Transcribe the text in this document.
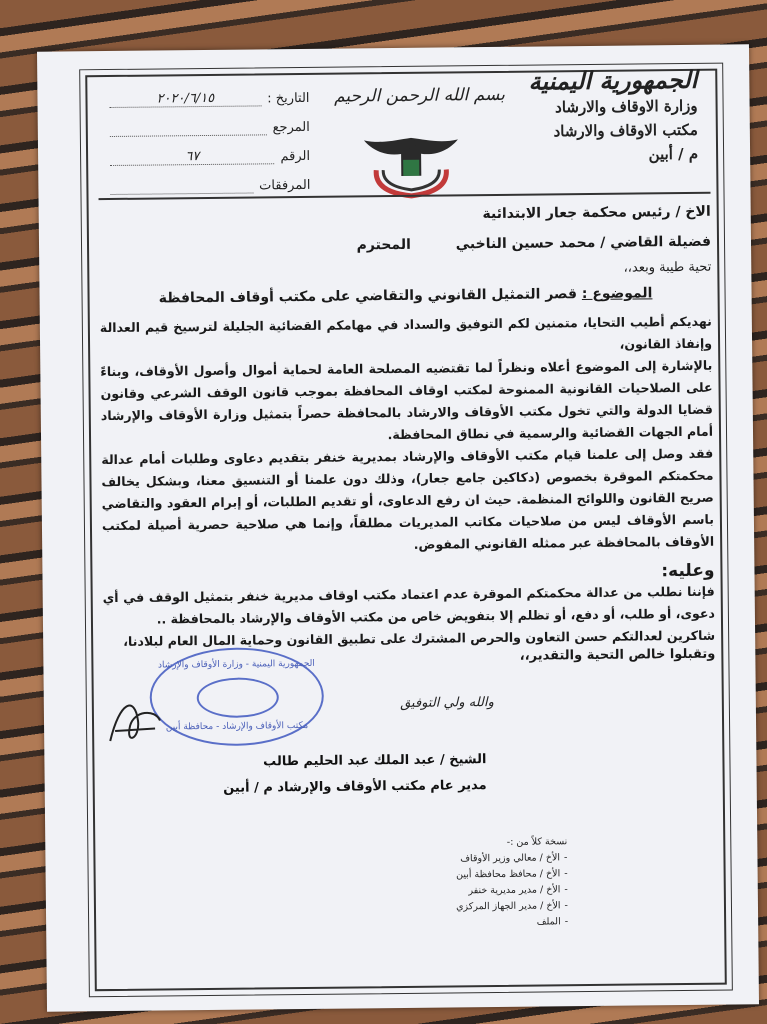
الجمهورية اليمنية
وزارة الاوقاف والارشاد
مكتب الاوقاف والارشاد
م / أبين
بسم الله الرحمن الرحيم
التاريخ :
٢٠٢٠/٦/١٥
المرجع
الرقم
٦٧
المرفقات
الاخ / رئيس محكمة جعار الابتدائية
فضيلة القاضي / محمد حسين الناخبي المحترم
تحية طيبة وبعد،،
الموضوع : قصر التمثيل القانوني والتقاضي على مكتب أوقاف المحافظة
نهديكم أطيب التحايا، متمنين لكم التوفيق والسداد في مهامكم القضائية الجليلة لترسيخ قيم العدالة وإنفاذ القانون،
بالإشارة إلى الموضوع أعلاه ونظراً لما تقتضيه المصلحة العامة لحماية أموال وأصول الأوقاف، وبناءً على الصلاحيات القانونية الممنوحة لمكتب اوقاف المحافظة بموجب قانون الوقف الشرعي وقانون قضايا الدولة والتي تخول مكتب الأوقاف والارشاد بالمحافظة حصراً بتمثيل وزارة الأوقاف والإرشاد أمام الجهات القضائية والرسمية في نطاق المحافظة.
فقد وصل إلى علمنا قيام مكتب الأوقاف والإرشاد بمديرية خنفر بتقديم دعاوى وطلبات أمام عدالة محكمتكم الموقرة بخصوص (دكاكين جامع جعار)، وذلك دون علمنا أو التنسيق معنا، وبشكل يخالف صريح القانون واللوائح المنظمة. حيث ان رفع الدعاوى، أو تقديم الطلبات، أو إبرام العقود والتقاضي باسم الأوقاف ليس من صلاحيات مكاتب المديريات مطلقاً، وإنما هي صلاحية حصرية أصيلة لمكتب الأوقاف بالمحافظة عبر ممثله القانوني المفوض.
وعليه:
فإننا نطلب من عدالة محكمتكم الموقرة عدم اعتماد مكتب اوقاف مديرية خنفر بتمثيل الوقف في أي دعوى، أو طلب، أو دفع، أو تظلم إلا بتفويض خاص من مكتب الأوقاف والإرشاد بالمحافظة ..
شاكرين لعدالتكم حسن التعاون والحرص المشترك على تطبيق القانون وحماية المال العام لبلادنا،
وتقبلوا خالص التحية والتقدير،،
الجمهورية اليمنية - وزارة الأوقاف والإرشاد
مكتب الأوقاف والإرشاد - محافظة أبين
والله ولي التوفيق
الشيخ / عبد الملك عبد الحليم طالب
مدير عام مكتب الأوقاف والإرشاد م / أبين
نسخة كلاً من :-
-
الأخ / معالي وزير الأوقاف
-
الأخ / محافظ محافظة أبين
-
الأخ / مدير مديرية خنفر
-
الأخ / مدير الجهاز المركزي
-
الملف
